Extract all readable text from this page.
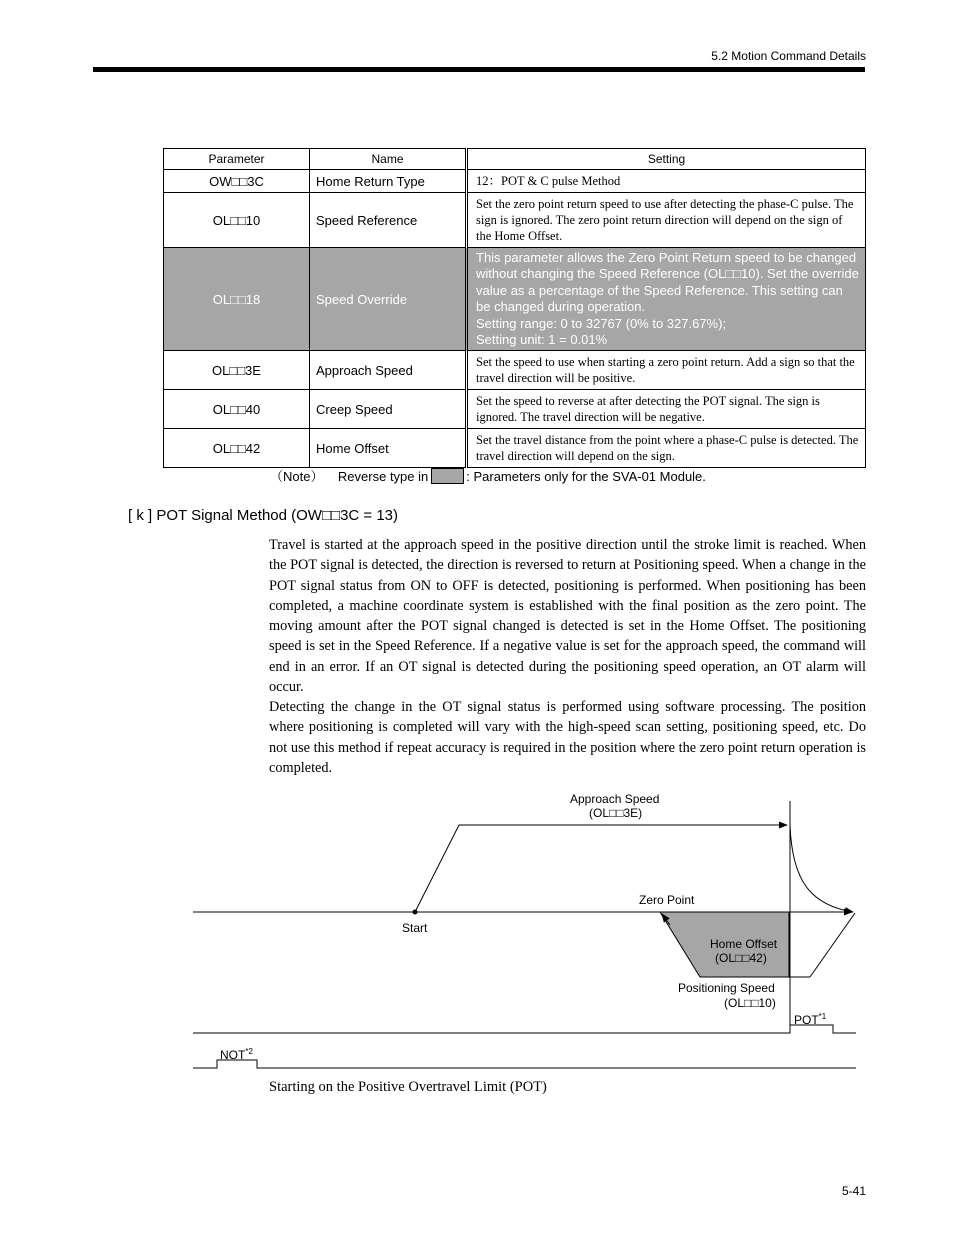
5.2 Motion Command Details
Parameter	Name	Setting
OW□□3C	Home Return Type	12：POT & C pulse Method
OL□□10	Speed Reference	Set the zero point return speed to use after detecting the phase-C pulse. The sign is ignored. The zero point return direction will depend on the sign of the Home Offset.
OL□□18	Speed Override	This parameter allows the Zero Point Return speed to be changed without changing the Speed Reference (OL□□10). Set the override value as a percentage of the Speed Reference. This setting can be changed during operation.
Setting range: 0 to 32767 (0% to 327.67%);
Setting unit: 1 = 0.01%

OL□□3E	Approach Speed	Set the speed to use when starting a zero point return. Add a sign so that the travel direction will be positive.
OL□□40	Creep Speed	Set the speed to reverse at after detecting the POT signal. The sign is ignored. The travel direction will be negative.
OL□□42	Home Offset	Set the travel distance from the point where a phase-C pulse is detected. The travel direction will depend on the sign.
（Note） Reverse type in	: Parameters only for the SVA-01 Module.
[ k ] POT Signal Method (OW□□3C = 13)
Travel is started at the approach speed in the positive direction until the stroke limit is reached. When the POT signal is detected, the direction is reversed to return at Positioning speed. When a change in the POT signal status from ON to OFF is detected, positioning is performed. When positioning has been completed, a machine coordinate system is established with the final position as the zero point. The moving amount after the POT signal changed is detected is set in the Home Offset. The positioning speed is set in the Speed Reference. If a negative value is set for the approach speed, the command will end in an error. If an OT signal is detected during the positioning speed operation, an OT alarm will occur.
Detecting the change in the OT signal status is performed using software processing. The position where positioning is completed will vary with the high-speed scan setting, positioning speed, etc. Do not use this method if repeat accuracy is required in the position where the zero point return operation is completed.
Approach Speed
(OL□□3E)
Zero Point
Start
Home Offset
(OL□□42)
Positioning Speed
(OL□□10)
POT$^{*1}$
NOT$^{*2}$
Starting on the Positive Overtravel Limit (POT)
5-41
